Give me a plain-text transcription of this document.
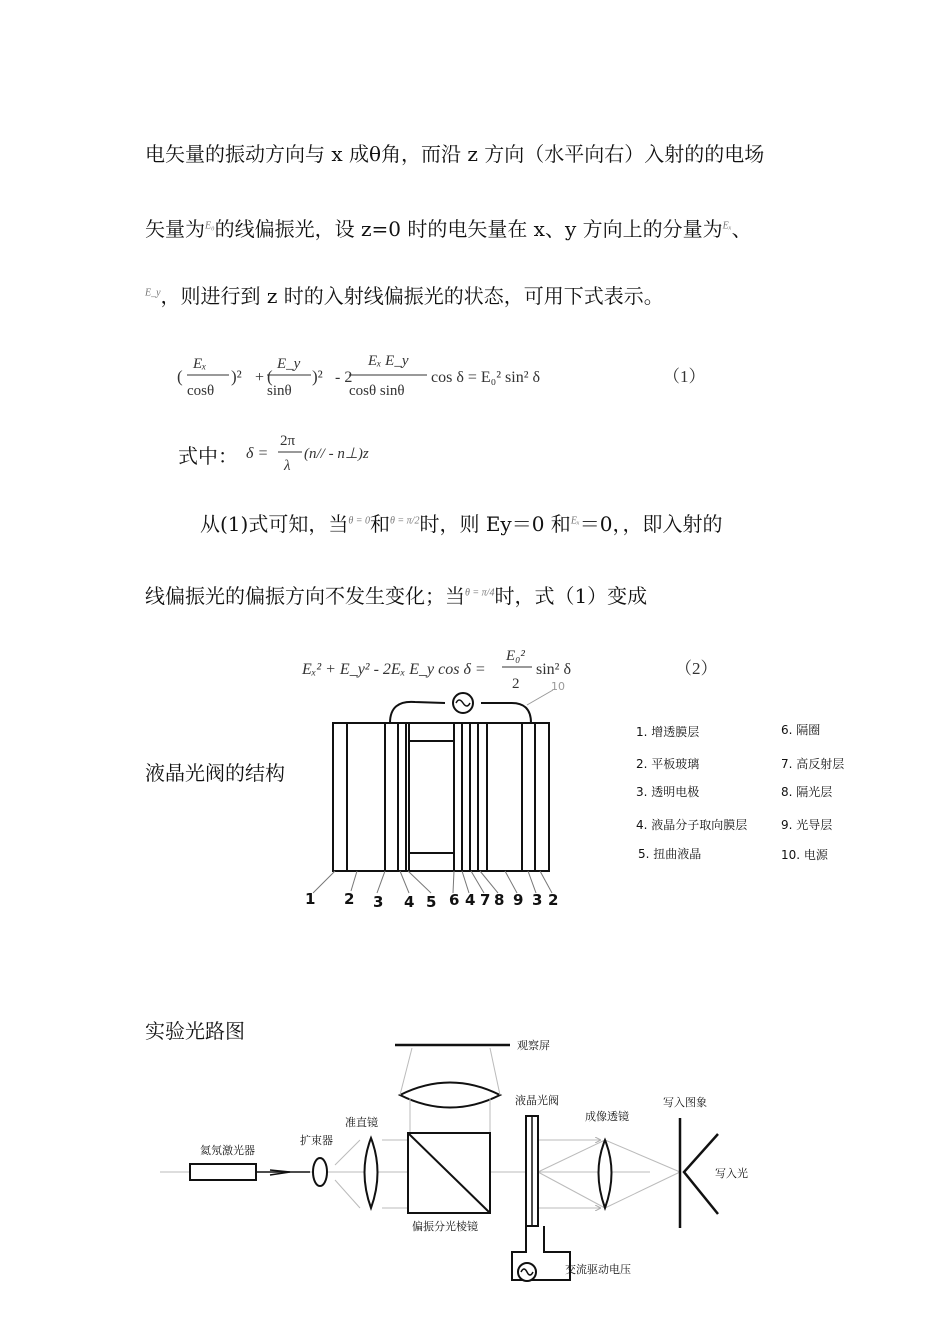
电矢量的振动方向与 x 成θ角，而沿 z 方向（水平向右）入射的的电场
矢量为$^{E_0}$的线偏振光，设 z=0 时的电矢量在 x、y 方向上的分量为$^{E_x}$、
$^{E\_y}$，则进行到 z 时的入射线偏振光的状态，可用下式表示。
(
Eₓ
cosθ
)² + (
E_y
sinθ
)² - 2
Eₓ E_y
cosθ sinθ
cos δ = E₀² sin² δ	（1）
式中： δ =
2π
λ
(n// - n⊥)z
从(1)式可知，当$^{\theta = 0}$和$^{\theta = \pi/2}$时，则 Ey＝0 和$^{E_x}$＝0，，即入射的
线偏振光的偏振方向不发生变化；当$^{\theta = \pi/4}$时，式（1）变成
Eₓ² + E_y² - 2Eₓ E_y cos δ =
E₀²
2
sin² δ	（2）
液晶光阀的结构
10
1 2 3 4 5 6 4 7 8 9 3 2
1. 增透膜层
2. 平板玻璃
3. 透明电极
4. 液晶分子取向膜层
5. 扭曲液晶
6. 隔圈
7. 高反射层
8. 隔光层
9. 光导层
10. 电源
实验光路图
观察屏
氦氖激光器
扩束器
准直镜
偏振分光棱镜
液晶光阀
交流驱动电压
成像透镜
写入图象
写入光
